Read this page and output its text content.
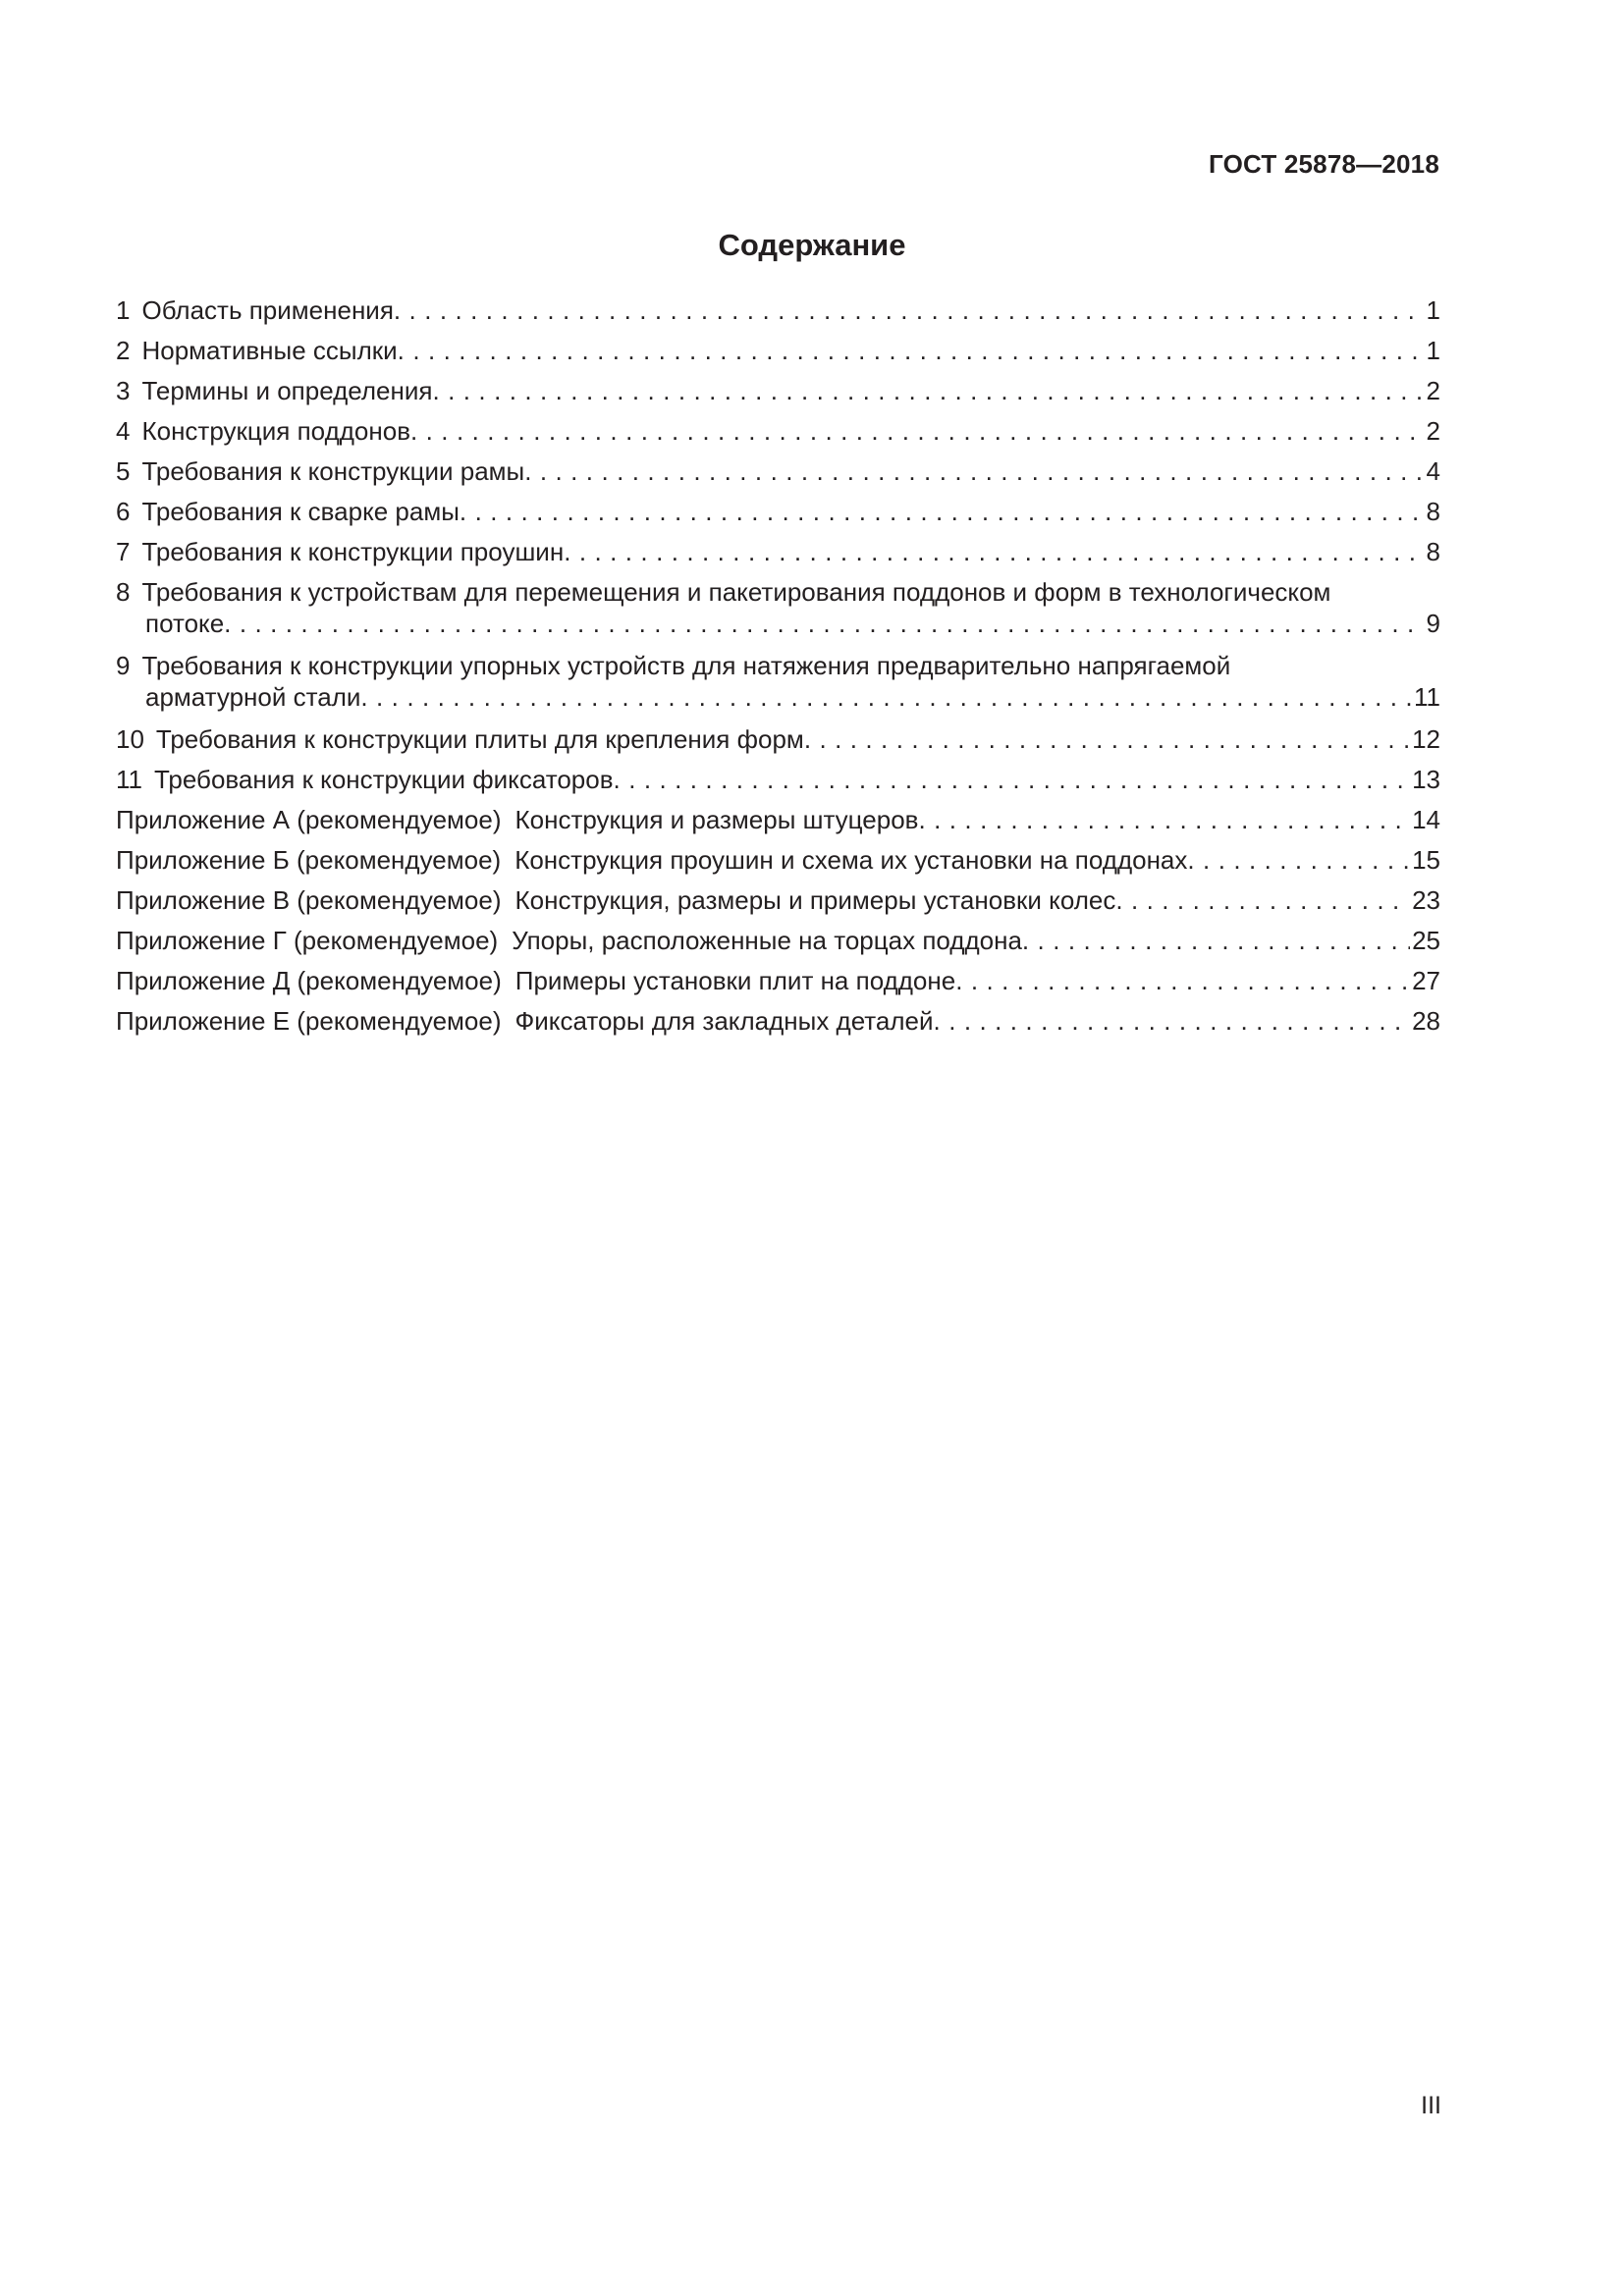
ГОСТ 25878—2018
Содержание
1 Область применения . . .	1
2 Нормативные ссылки . . .	1
3 Термины и определения . . .	2
4 Конструкция поддонов . . .	2
5 Требования к конструкции рамы . . .	4
6 Требования к сварке рамы . . .	8
7 Требования к конструкции проушин . . .	8
8 Требования к устройствам для перемещения и пакетирования поддонов и форм в технологическом
потоке . . .	9
9 Требования к конструкции упорных устройств для натяжения предварительно напрягаемой
арматурной стали . . .	11
10 Требования к конструкции плиты для крепления форм . . .	12
11 Требования к конструкции фиксаторов . . .	13
Приложение А (рекомендуемое) Конструкция и размеры штуцеров . . .	14
Приложение Б (рекомендуемое) Конструкция проушин и схема их установки на поддонах . . .	15
Приложение В (рекомендуемое) Конструкция, размеры и примеры установки колес . . .	23
Приложение Г (рекомендуемое) Упоры, расположенные на торцах поддона . . .	25
Приложение Д (рекомендуемое) Примеры установки плит на поддоне . . .	27
Приложение Е (рекомендуемое) Фиксаторы для закладных деталей . . .	28
III
